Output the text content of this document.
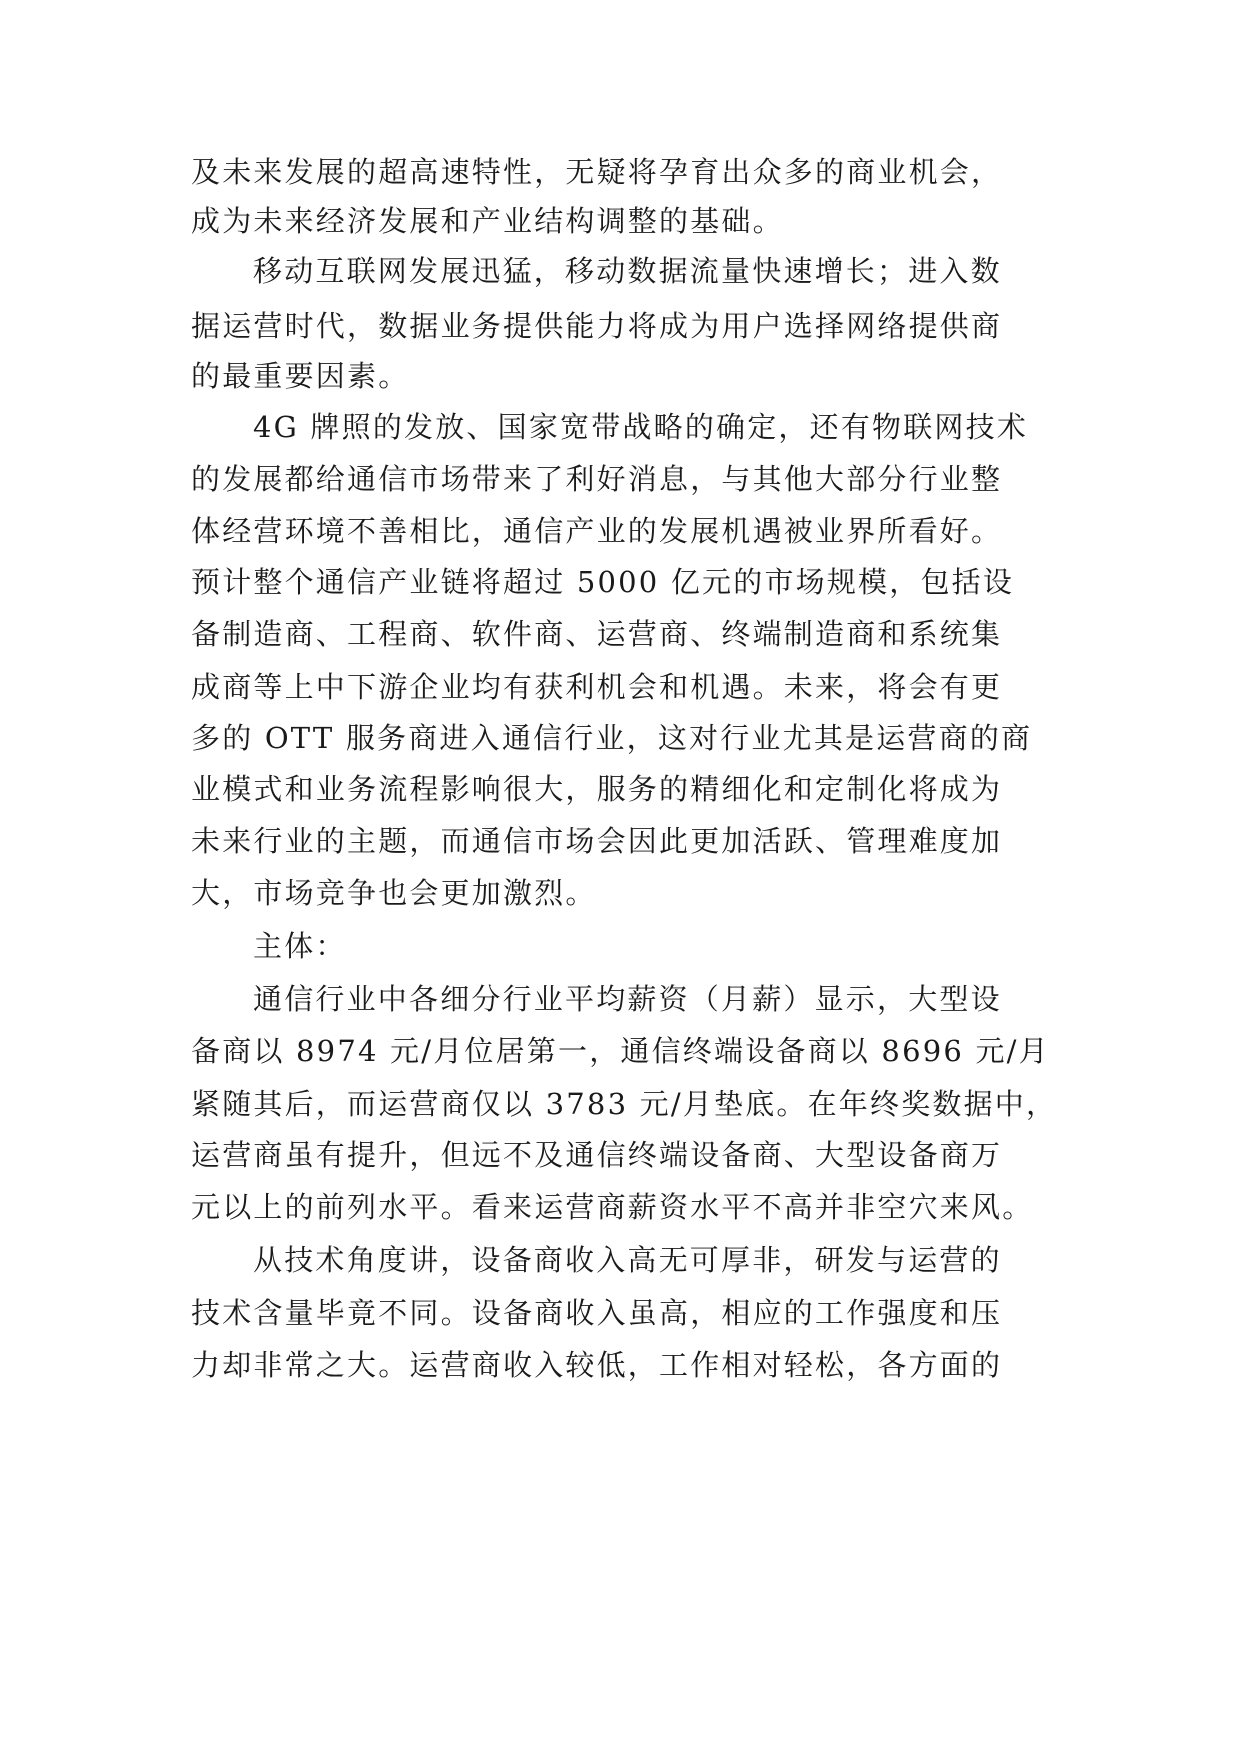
及未来发展的超高速特性，无疑将孕育出众多的商业机会，
成为未来经济发展和产业结构调整的基础。
移动互联网发展迅猛，移动数据流量快速增长；进入数
据运营时代，数据业务提供能力将成为用户选择网络提供商
的最重要因素。
4G 牌照的发放、国家宽带战略的确定，还有物联网技术
的发展都给通信市场带来了利好消息，与其他大部分行业整
体经营环境不善相比，通信产业的发展机遇被业界所看好。
预计整个通信产业链将超过 5000 亿元的市场规模，包括设
备制造商、工程商、软件商、运营商、终端制造商和系统集
成商等上中下游企业均有获利机会和机遇。未来，将会有更
多的 OTT 服务商进入通信行业，这对行业尤其是运营商的商
业模式和业务流程影响很大，服务的精细化和定制化将成为
未来行业的主题，而通信市场会因此更加活跃、管理难度加
大，市场竞争也会更加激烈。
主体：
通信行业中各细分行业平均薪资（月薪）显示，大型设
备商以 8974 元/月位居第一，通信终端设备商以 8696 元/月
紧随其后，而运营商仅以 3783 元/月垫底。在年终奖数据中，
运营商虽有提升，但远不及通信终端设备商、大型设备商万
元以上的前列水平。看来运营商薪资水平不高并非空穴来风。
从技术角度讲，设备商收入高无可厚非，研发与运营的
技术含量毕竟不同。设备商收入虽高，相应的工作强度和压
力却非常之大。运营商收入较低，工作相对轻松，各方面的
